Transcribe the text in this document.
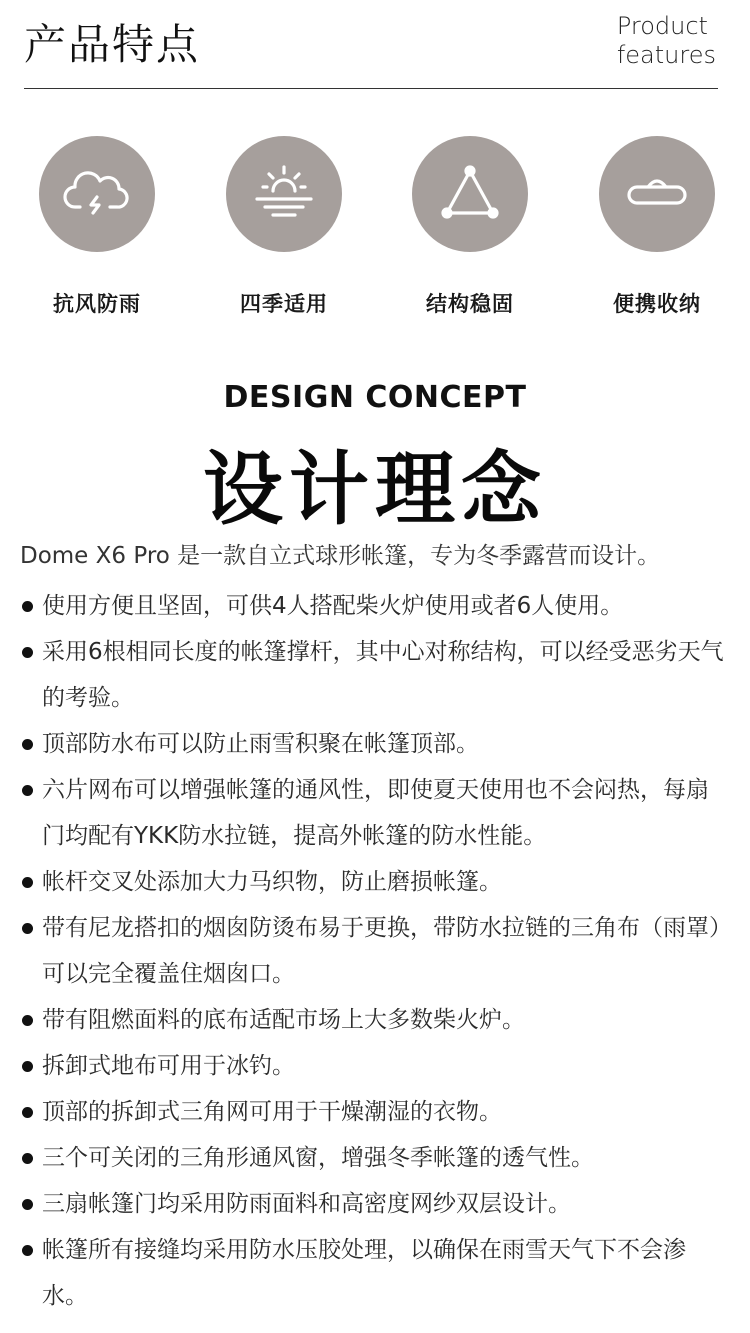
产品特点	Product
features
抗风防雨	四季适用	结构稳固	便携收纳
DESIGN CONCEPT
设计理念
Dome X6 Pro 是一款自立式球形帐篷，专为冬季露营而设计。
使用方便且坚固，可供4人搭配柴火炉使用或者6人使用。
采用6根相同长度的帐篷撑杆，其中心对称结构，可以经受恶劣天气的考验。
顶部防水布可以防止雨雪积聚在帐篷顶部。
六片网布可以增强帐篷的通风性，即使夏天使用也不会闷热，每扇门均配有YKK防水拉链，提高外帐篷的防水性能。
帐杆交叉处添加大力马织物，防止磨损帐篷。
带有尼龙搭扣的烟囱防烫布易于更换，带防水拉链的三角布（雨罩）可以完全覆盖住烟囱口。
带有阻燃面料的底布适配市场上大多数柴火炉。
拆卸式地布可用于冰钓。
顶部的拆卸式三角网可用于干燥潮湿的衣物。
三个可关闭的三角形通风窗，增强冬季帐篷的透气性。
三扇帐篷门均采用防雨面料和高密度网纱双层设计。
帐篷所有接缝均采用防水压胶处理，以确保在雨雪天气下不会渗水。
